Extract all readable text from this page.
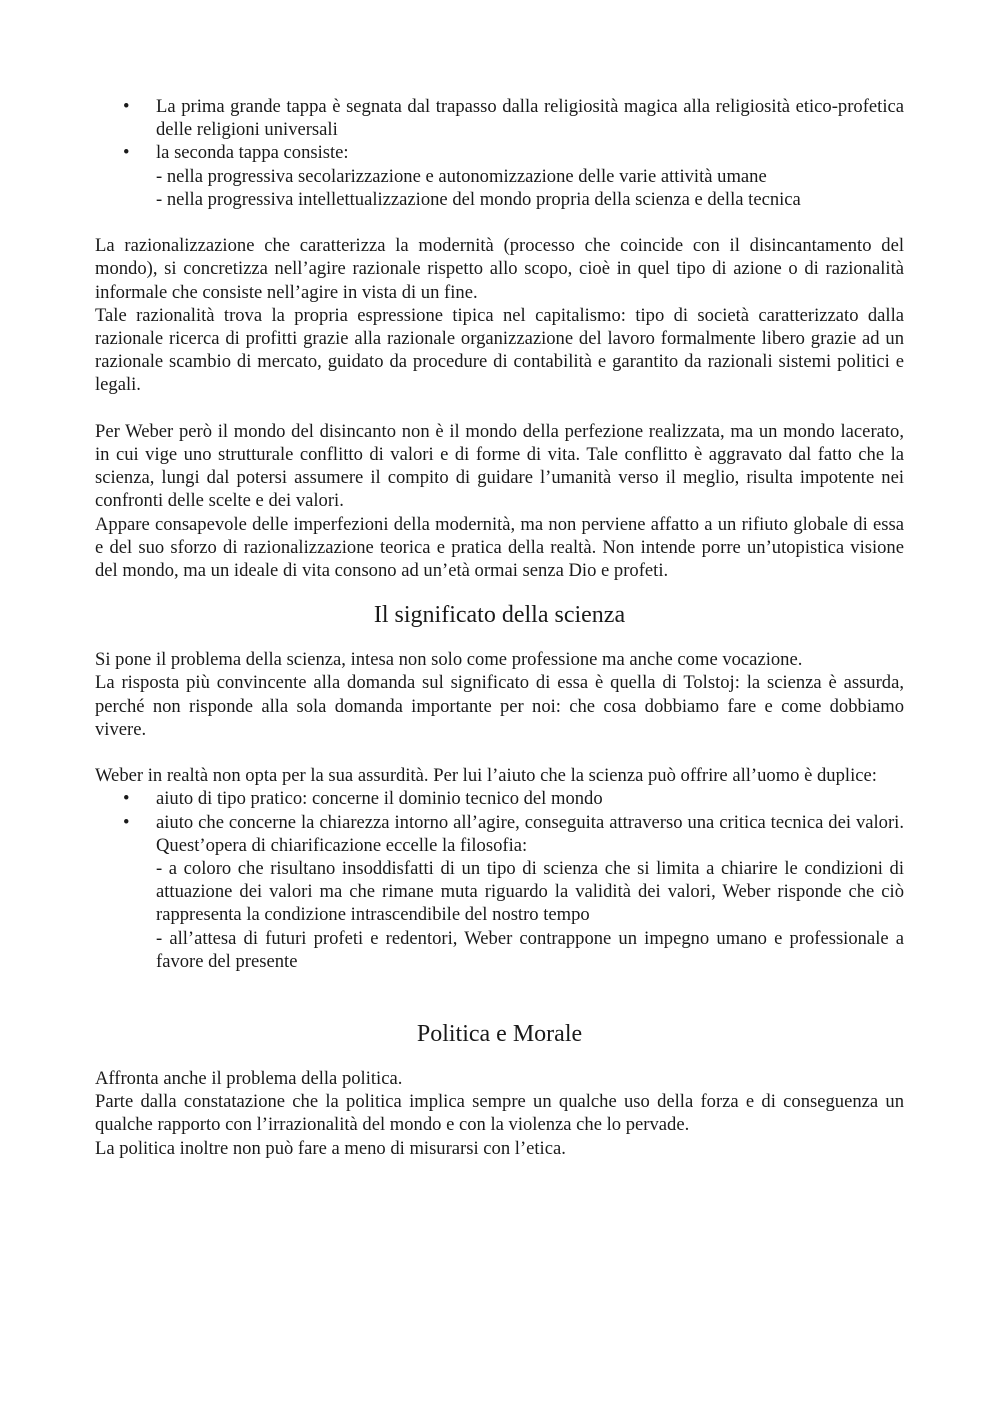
• La prima grande tappa è segnata dal trapasso dalla religiosità magica alla religiosità etico-profetica delle religioni universali
• la seconda tappa consiste:
- nella progressiva secolarizzazione e autonomizzazione delle varie attività umane
- nella progressiva intellettualizzazione del mondo propria della scienza e della tecnica

La razionalizzazione che caratterizza la modernità (processo che coincide con il disincantamento del mondo), si concretizza nell’agire razionale rispetto allo scopo, cioè in quel tipo di azione o di razionalità informale che consiste nell’agire in vista di un fine.

Tale razionalità trova la propria espressione tipica nel capitalismo: tipo di società caratterizzato dalla razionale ricerca di profitti grazie alla razionale organizzazione del lavoro formalmente libero grazie ad un razionale scambio di mercato, guidato da procedure di contabilità e garantito da razionali sistemi politici e legali.

Per Weber però il mondo del disincanto non è il mondo della perfezione realizzata, ma un mondo lacerato, in cui vige uno strutturale conflitto di valori e di forme di vita. Tale conflitto è aggravato dal fatto che la scienza, lungi dal potersi assumere il compito di guidare l’umanità verso il meglio, risulta impotente nei confronti delle scelte e dei valori.

Appare consapevole delle imperfezioni della modernità, ma non perviene affatto a un rifiuto globale di essa e del suo sforzo di razionalizzazione teorica e pratica della realtà. Non intende porre un’utopistica visione del mondo, ma un ideale di vita consono ad un’età ormai senza Dio e profeti.

Il significato della scienza

Si pone il problema della scienza, intesa non solo come professione ma anche come vocazione.

La risposta più convincente alla domanda sul significato di essa è quella di Tolstoj: la scienza è assurda, perché non risponde alla sola domanda importante per noi: che cosa dobbiamo fare e come dobbiamo vivere.

Weber in realtà non opta per la sua assurdità. Per lui l’aiuto che la scienza può offrire all’uomo è duplice:

• aiuto di tipo pratico: concerne il dominio tecnico del mondo
• aiuto che concerne la chiarezza intorno all’agire, conseguita attraverso una critica tecnica dei valori. Quest’opera di chiarificazione eccelle la filosofia:
- a coloro che risultano insoddisfatti di un tipo di scienza che si limita a chiarire le condizioni di attuazione dei valori ma che rimane muta riguardo la validità dei valori, Weber risponde che ciò rappresenta la condizione intrascendibile del nostro tempo
- all’attesa di futuri profeti e redentori, Weber contrappone un impegno umano e professionale a favore del presente
Politica e Morale

Affronta anche il problema della politica.

Parte dalla constatazione che la politica implica sempre un qualche uso della forza e di conseguenza un qualche rapporto con l’irrazionalità del mondo e con la violenza che lo pervade.

La politica inoltre non può fare a meno di misurarsi con l’etica.
